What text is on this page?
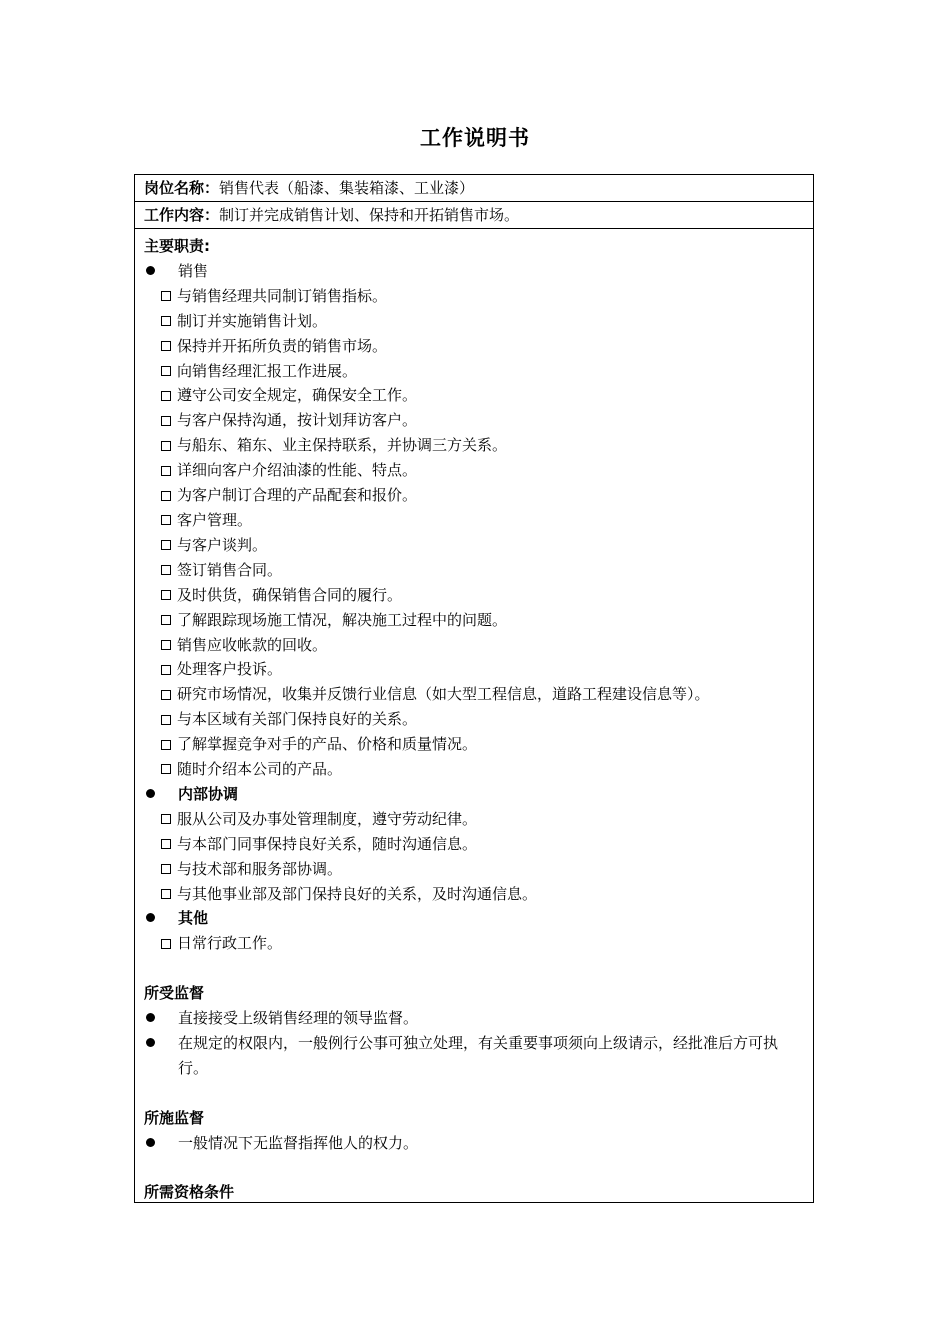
工作说明书
岗位名称：销售代表（船漆、集装箱漆、工业漆）
工作内容：制订并完成销售计划、保持和开拓销售市场。
主要职责:
销售
与销售经理共同制订销售指标。
制订并实施销售计划。
保持并开拓所负责的销售市场。
向销售经理汇报工作进展。
遵守公司安全规定，确保安全工作。
与客户保持沟通，按计划拜访客户。
与船东、箱东、业主保持联系，并协调三方关系。
详细向客户介绍油漆的性能、特点。
为客户制订合理的产品配套和报价。
客户管理。
与客户谈判。
签订销售合同。
及时供货，确保销售合同的履行。
了解跟踪现场施工情况，解决施工过程中的问题。
销售应收帐款的回收。
处理客户投诉。
研究市场情况，收集并反馈行业信息（如大型工程信息，道路工程建设信息等）。
与本区域有关部门保持良好的关系。
了解掌握竞争对手的产品、价格和质量情况。
随时介绍本公司的产品。
内部协调
服从公司及办事处管理制度，遵守劳动纪律。
与本部门同事保持良好关系，随时沟通信息。
与技术部和服务部协调。
与其他事业部及部门保持良好的关系，及时沟通信息。
其他
日常行政工作。
所受监督
直接接受上级销售经理的领导监督。
在规定的权限内，一般例行公事可独立处理，有关重要事项须向上级请示，经批准后方可执行。
所施监督
一般情况下无监督指挥他人的权力。
所需资格条件
